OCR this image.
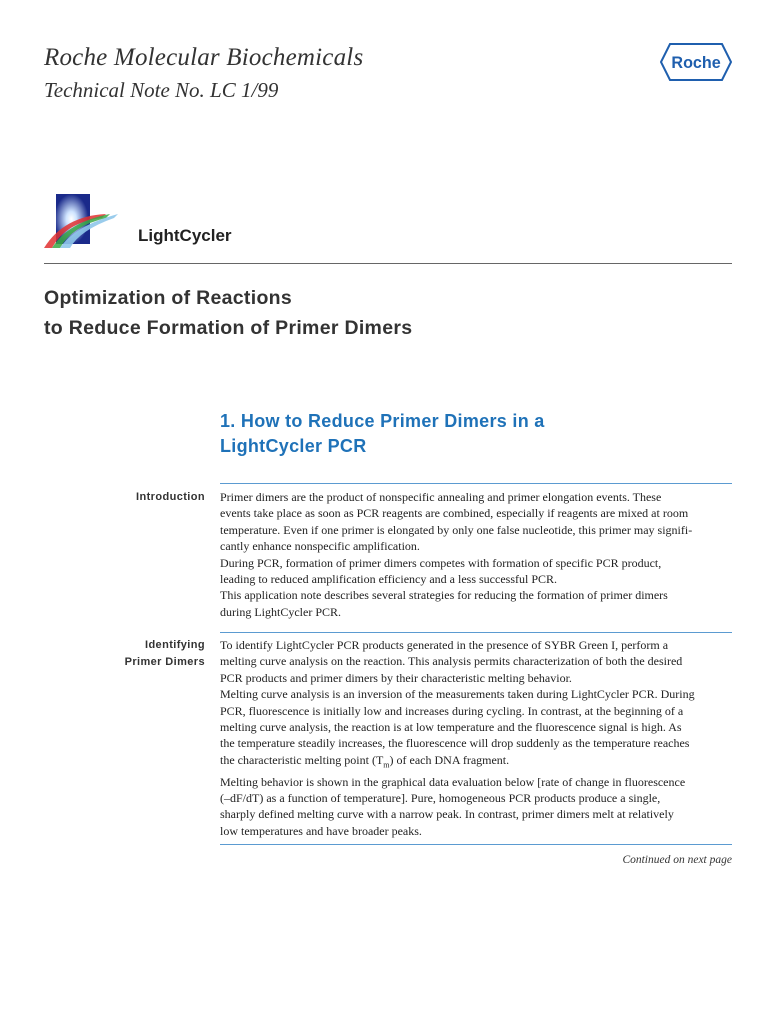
Roche Molecular Biochemicals
Technical Note No. LC 1/99
Roche
LightCycler
Optimization of Reactions
to Reduce Formation of Primer Dimers
1. How to Reduce Primer Dimers in a
LightCycler PCR
Introduction Primer dimers are the product of nonspecific annealing and primer elongation events. These
events take place as soon as PCR reagents are combined, especially if reagents are mixed at room
temperature. Even if one primer is elongated by only one false nucleotide, this primer may signifi-
cantly enhance nonspecific amplification.
During PCR, formation of primer dimers competes with formation of specific PCR product,
leading to reduced amplification efficiency and a less successful PCR.
This application note describes several strategies for reducing the formation of primer dimers
during LightCycler PCR.
Identifying
Primer Dimers
To identify LightCycler PCR products generated in the presence of SYBR Green I, perform a
melting curve analysis on the reaction. This analysis permits characterization of both the desired
PCR products and primer dimers by their characteristic melting behavior.
Melting curve analysis is an inversion of the measurements taken during LightCycler PCR. During
PCR, fluorescence is initially low and increases during cycling. In contrast, at the beginning of a
melting curve analysis, the reaction is at low temperature and the fluorescence signal is high. As
the temperature steadily increases, the fluorescence will drop suddenly as the temperature reaches
the characteristic melting point $(T_m)$ of each DNA fragment.
Melting behavior is shown in the graphical data evaluation below [rate of change in fluorescence
(–dF/dT) as a function of temperature]. Pure, homogeneous PCR products produce a single,
sharply defined melting curve with a narrow peak. In contrast, primer dimers melt at relatively
low temperatures and have broader peaks.
Continued on next page
